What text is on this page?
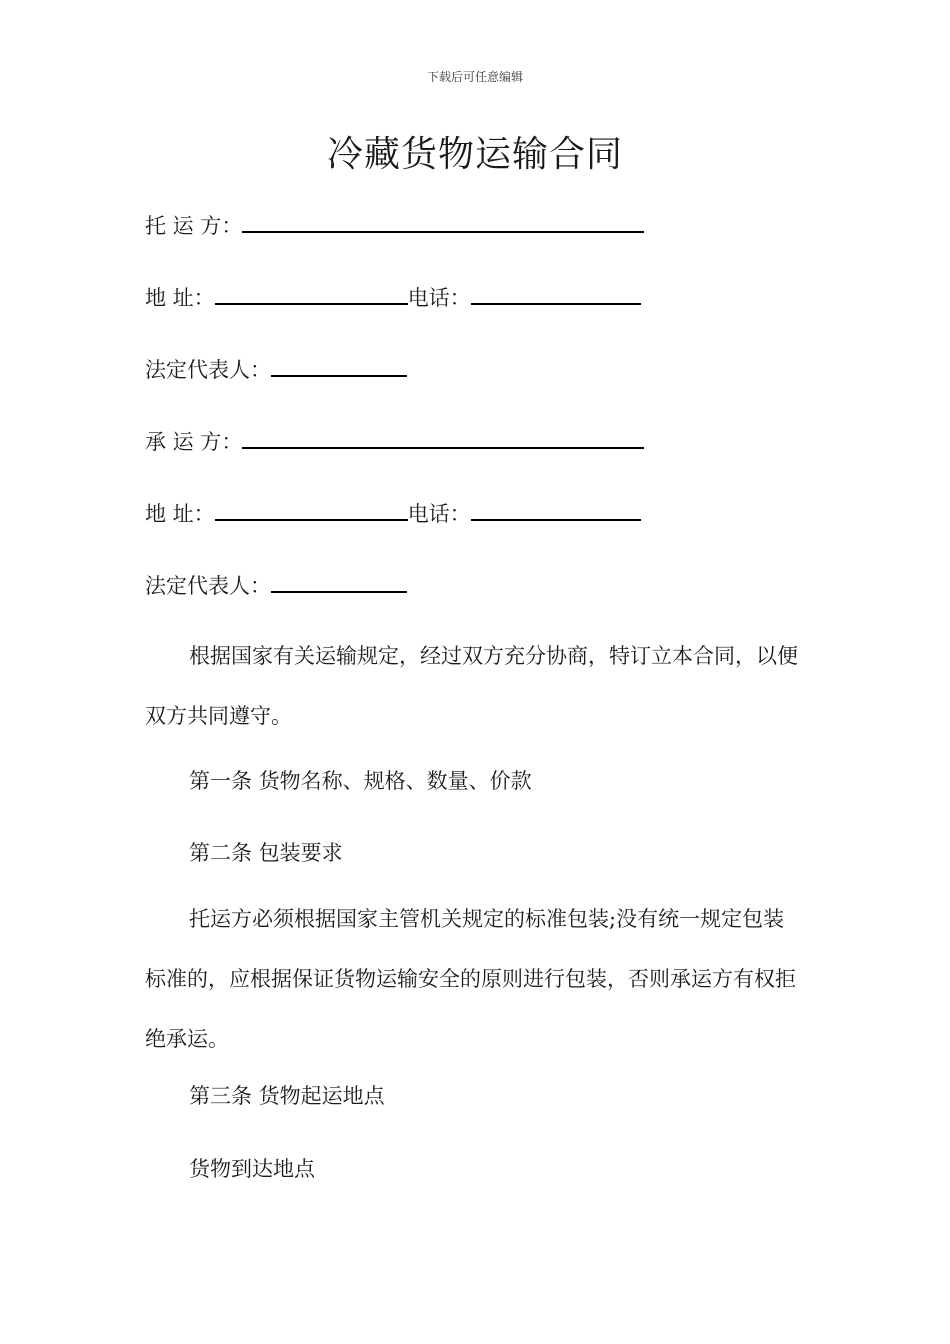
下载后可任意编辑
冷藏货物运输合同
托 运 方：
地 址：	电话：
法定代表人：
承 运 方：
地 址：	电话：
法定代表人：
根据国家有关运输规定，经过双方充分协商，特订立本合同，以便双方共同遵守。
第一条 货物名称、规格、数量、价款
第二条 包装要求
托运方必须根据国家主管机关规定的标准包装;没有统一规定包装标准的，应根据保证货物运输安全的原则进行包装，否则承运方有权拒绝承运。
第三条 货物起运地点
货物到达地点
